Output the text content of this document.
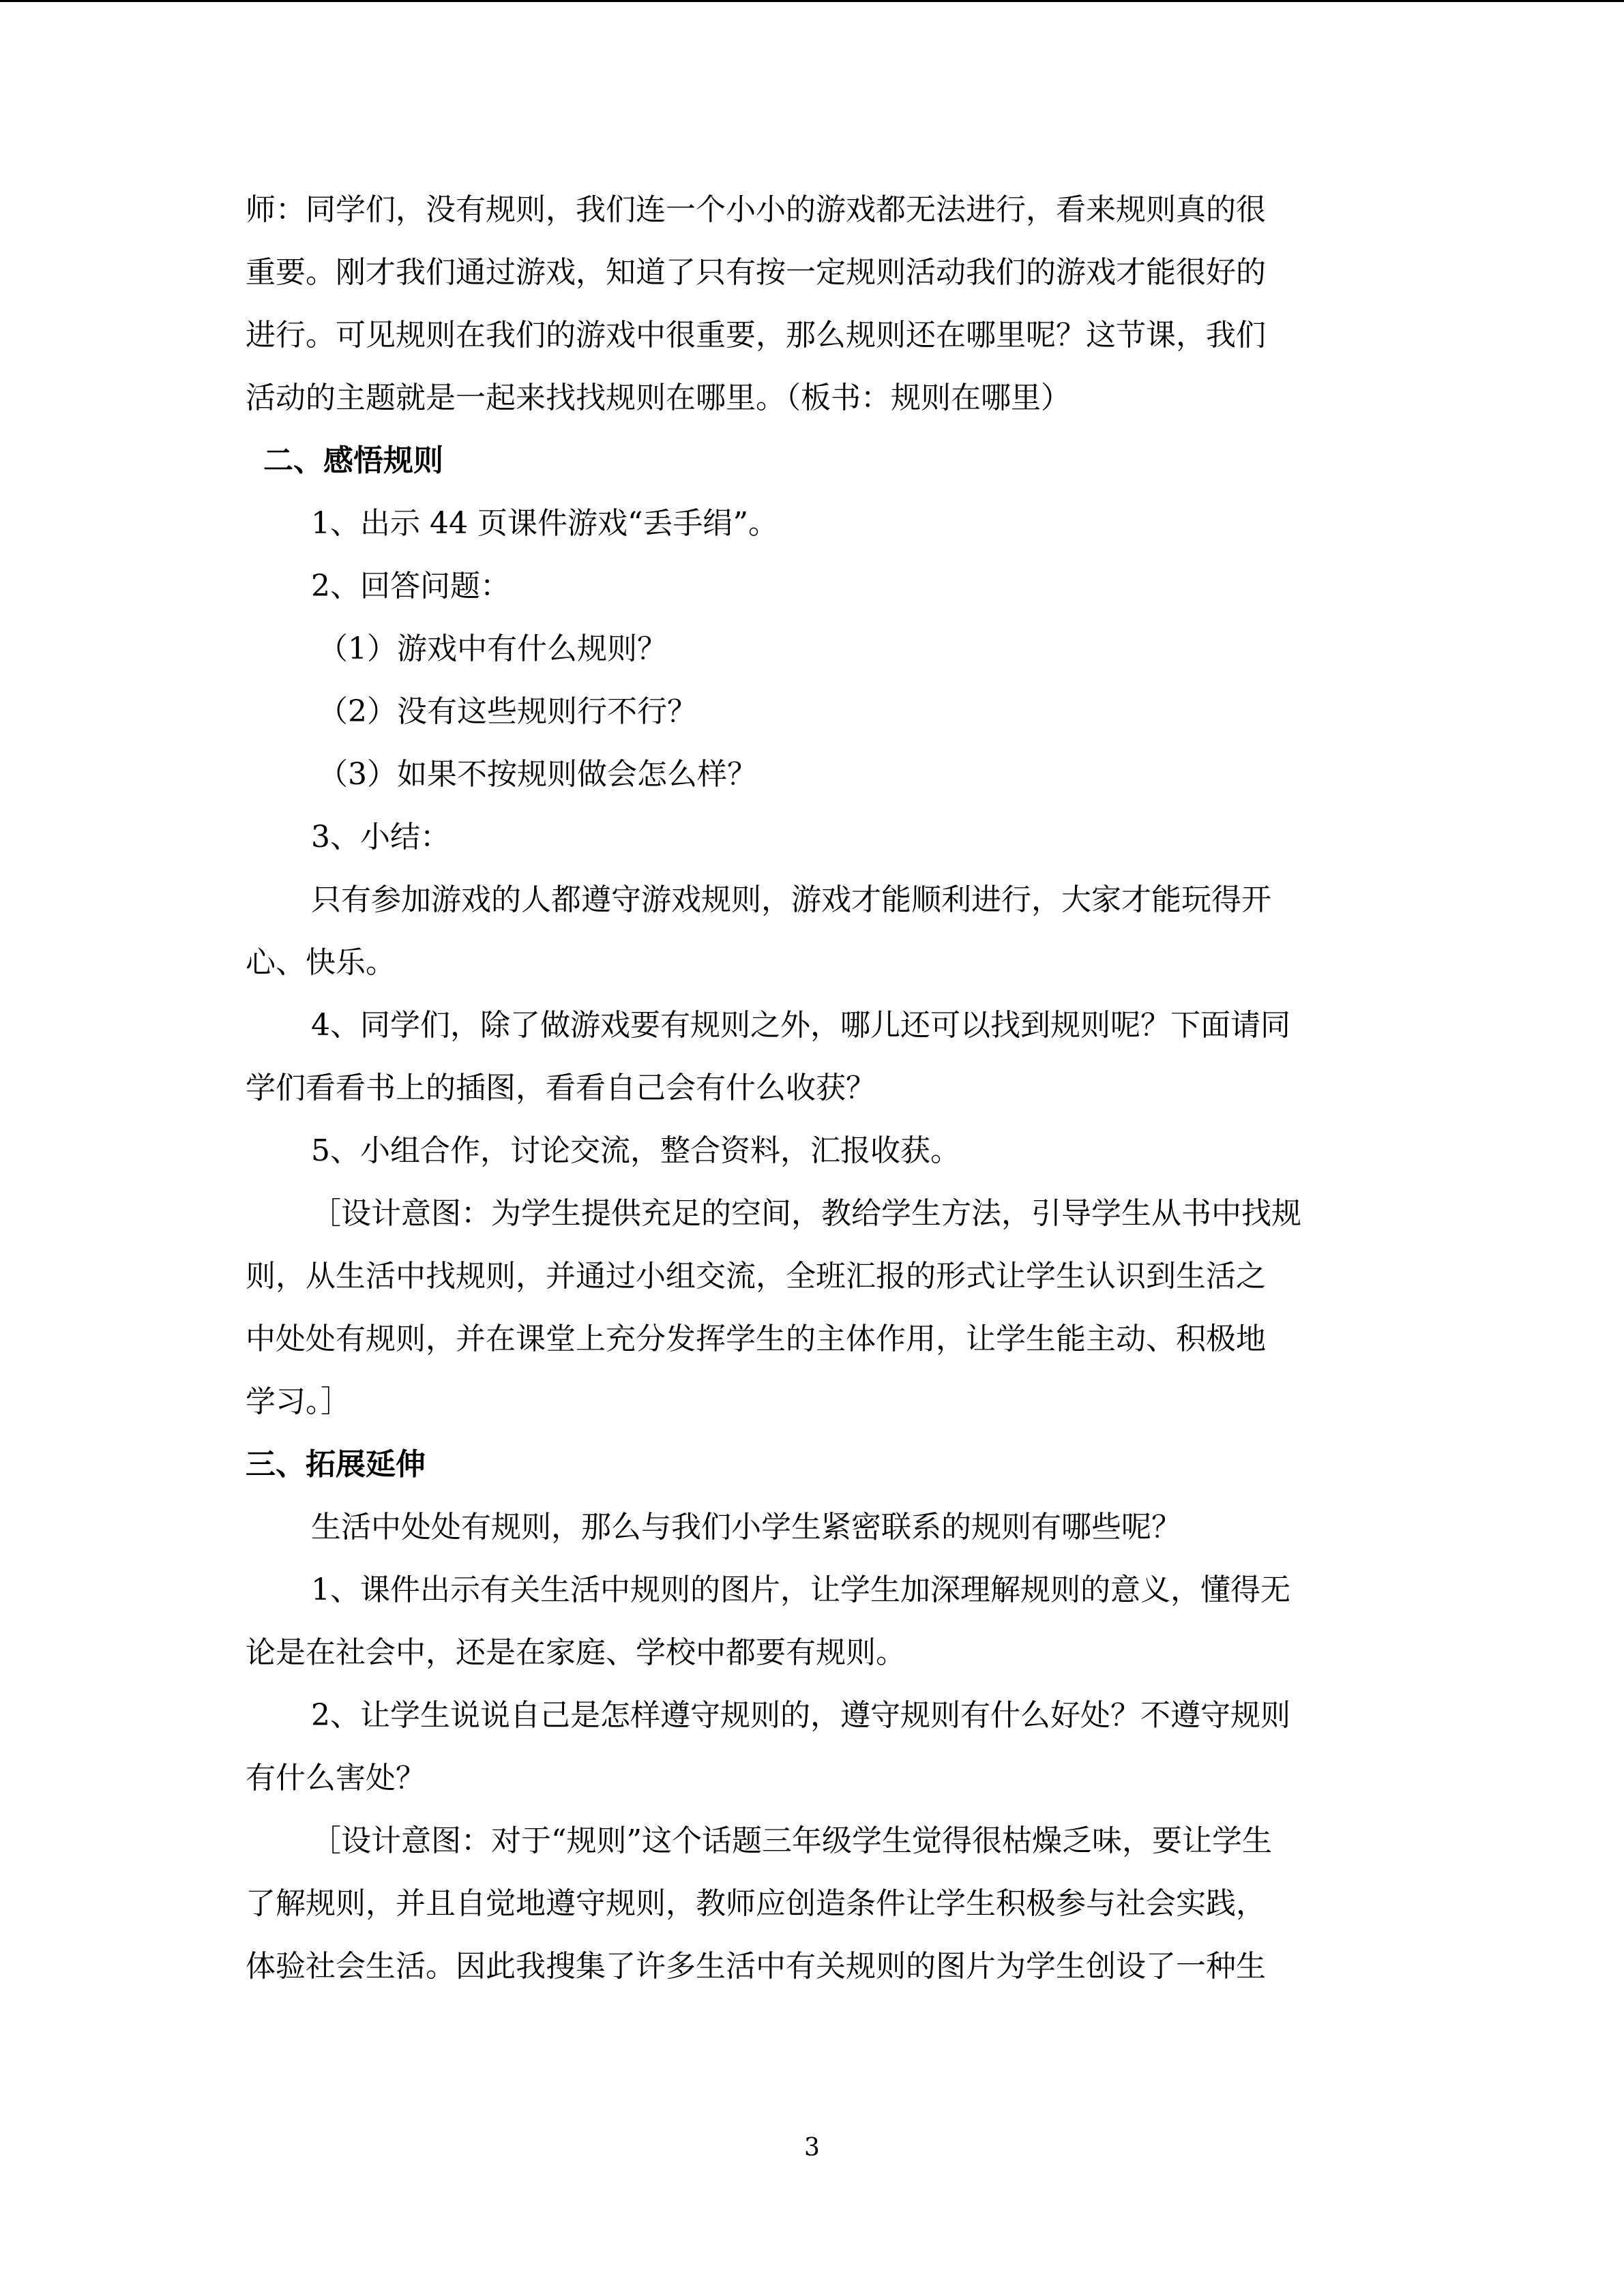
师：同学们，没有规则，我们连一个小小的游戏都无法进行，看来规则真的很
重要。刚才我们通过游戏，知道了只有按一定规则活动我们的游戏才能很好的
进行。可见规则在我们的游戏中很重要，那么规则还在哪里呢？这节课，我们
活动的主题就是一起来找找规则在哪里。（板书：规则在哪里）
二、感悟规则
1、出示 44 页课件游戏“丢手绢”。
2、回答问题：
（1）游戏中有什么规则？
（2）没有这些规则行不行？
（3）如果不按规则做会怎么样？
3、小结：
只有参加游戏的人都遵守游戏规则，游戏才能顺利进行，大家才能玩得开
心、快乐。
4、同学们，除了做游戏要有规则之外，哪儿还可以找到规则呢？下面请同
学们看看书上的插图，看看自己会有什么收获？
5、小组合作，讨论交流，整合资料，汇报收获。
［设计意图：为学生提供充足的空间，教给学生方法，引导学生从书中找规
则，从生活中找规则，并通过小组交流，全班汇报的形式让学生认识到生活之
中处处有规则，并在课堂上充分发挥学生的主体作用，让学生能主动、积极地
学习。］
三、拓展延伸
生活中处处有规则，那么与我们小学生紧密联系的规则有哪些呢？
1、课件出示有关生活中规则的图片，让学生加深理解规则的意义，懂得无
论是在社会中，还是在家庭、学校中都要有规则。
2、让学生说说自己是怎样遵守规则的，遵守规则有什么好处？不遵守规则
有什么害处？
［设计意图：对于“规则”这个话题三年级学生觉得很枯燥乏味，要让学生
了解规则，并且自觉地遵守规则，教师应创造条件让学生积极参与社会实践，
体验社会生活。因此我搜集了许多生活中有关规则的图片为学生创设了一种生
3
